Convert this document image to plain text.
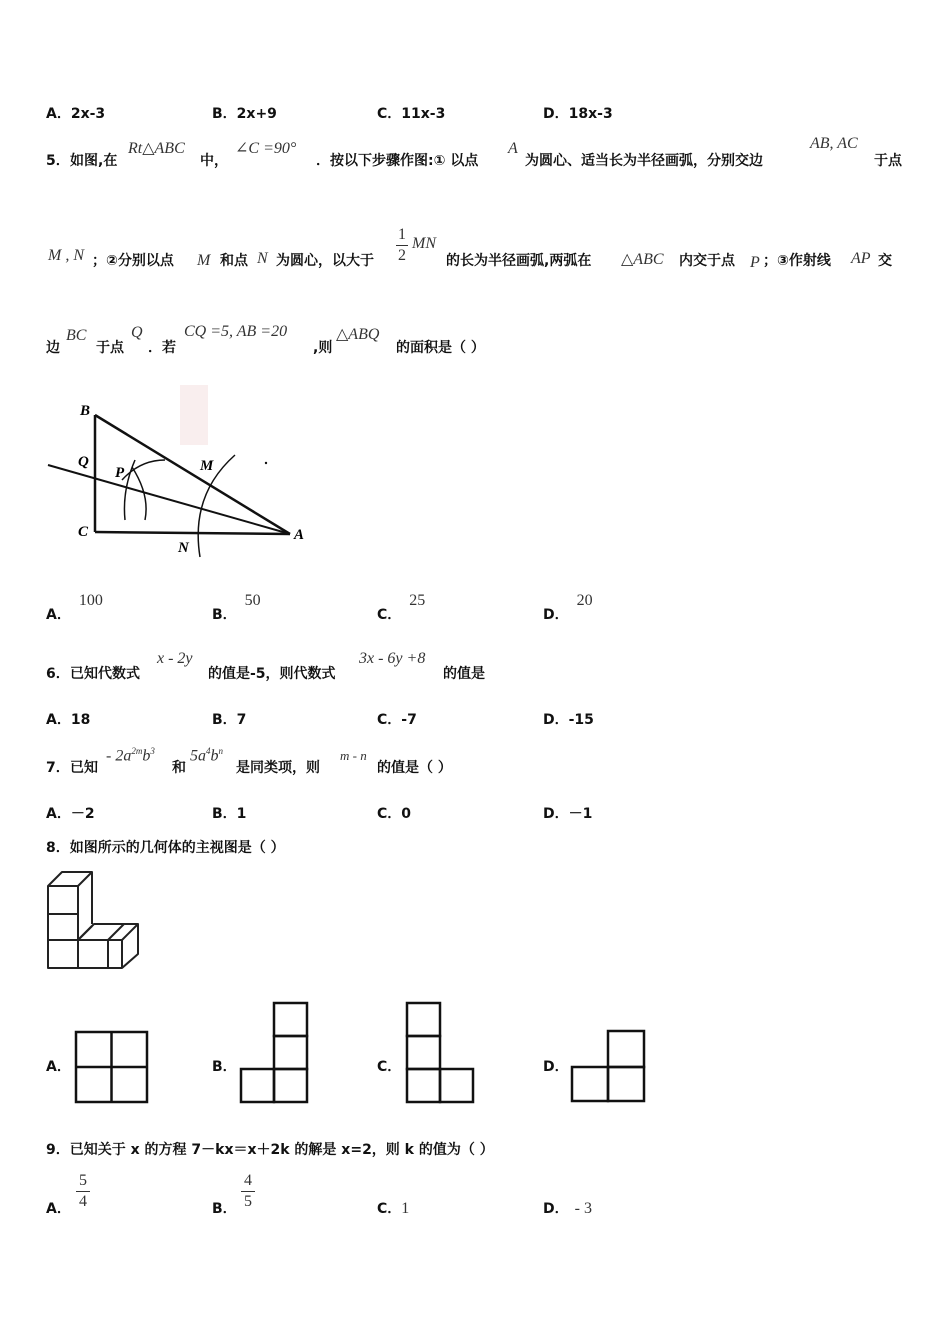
A．2x-3	B．2x+9	C．11x-3	D．18x-3
5． 如图,在
Rt△ABC
中，
∠C =90°
．按以下步骤作图:① 以点
A
为圆心、适当长为半径画弧，分别交边
AB, AC
于点
M , N ；②分别以点 M 和点 N 为圆心，以大于
1
2
MN
的长为半径画弧,两弧在 △ABC 内交于点 P ；③作射线 AP 交
边
BC
于点
Q
．若
CQ =5, AB =20
,则
△ABQ
的面积是（ ）
B
Q
P	M
C
N
A
A．100
B．50
C．25
D．20
6． 已知代数式
x - 2y
的值是-5，则代数式
3x - 6y +8
的值是
A．18	B．7	C．-7	D．-15
7． 已知
- $2a^{2m}b^3$
和
$5a^4b^n$
是同类项，则
m - n
的值是（ ）
A．－2	B．1	C．0	D．－1
8．如图所示的几何体的主视图是（ ）
A．	B．	C．	D．
9．已知关于 x 的方程 7－kx＝x＋2k 的解是 x=2，则 k 的值为（ ）
A．
5
4	B．
4
5	C．1	D． - 3
